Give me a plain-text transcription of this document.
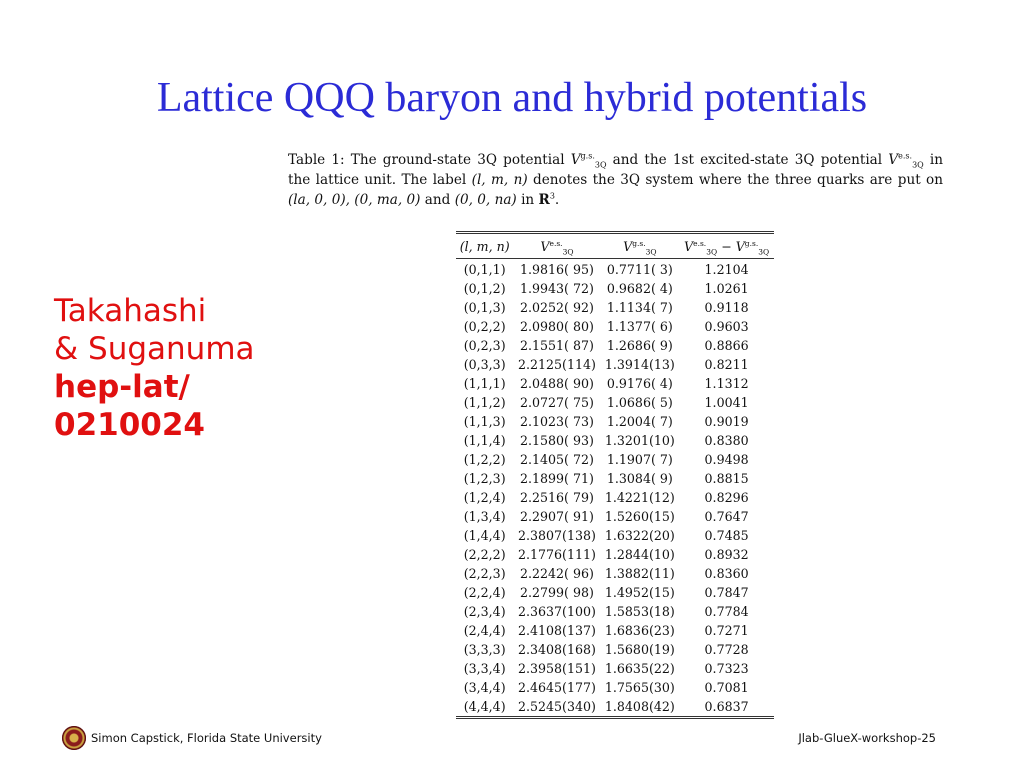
Lattice QQQ baryon and hybrid potentials
Takahashi
& Suganuma
hep-lat/
0210024
Table 1: The ground-state 3Q potential $V^{g.s.}_{3Q}$ and the 1st excited-state 3Q potential $V^{e.s.}_{3Q}$ in the lattice unit. The label (l, m, n) denotes the 3Q system where the three quarks are put on (la, 0, 0), (0, ma, 0) and (0, 0, na) in $R^3$.
(l, m, n)	$V^{e.s.}_{3Q}$	$V^{g.s.}_{3Q}$	$V^{e.s.}_{3Q} - V^{g.s.}_{3Q}$
(0,1,1)	1.9816( 95)	0.7711( 3)	1.2104
(0,1,2)	1.9943( 72)	0.9682( 4)	1.0261
(0,1,3)	2.0252( 92)	1.1134( 7)	0.9118
(0,2,2)	2.0980( 80)	1.1377( 6)	0.9603
(0,2,3)	2.1551( 87)	1.2686( 9)	0.8866
(0,3,3)	2.2125(114)	1.3914(13)	0.8211
(1,1,1)	2.0488( 90)	0.9176( 4)	1.1312
(1,1,2)	2.0727( 75)	1.0686( 5)	1.0041
(1,1,3)	2.1023( 73)	1.2004( 7)	0.9019
(1,1,4)	2.1580( 93)	1.3201(10)	0.8380
(1,2,2)	2.1405( 72)	1.1907( 7)	0.9498
(1,2,3)	2.1899( 71)	1.3084( 9)	0.8815
(1,2,4)	2.2516( 79)	1.4221(12)	0.8296
(1,3,4)	2.2907( 91)	1.5260(15)	0.7647
(1,4,4)	2.3807(138)	1.6322(20)	0.7485
(2,2,2)	2.1776(111)	1.2844(10)	0.8932
(2,2,3)	2.2242( 96)	1.3882(11)	0.8360
(2,2,4)	2.2799( 98)	1.4952(15)	0.7847
(2,3,4)	2.3637(100)	1.5853(18)	0.7784
(2,4,4)	2.4108(137)	1.6836(23)	0.7271
(3,3,3)	2.3408(168)	1.5680(19)	0.7728
(3,3,4)	2.3958(151)	1.6635(22)	0.7323
(3,4,4)	2.4645(177)	1.7565(30)	0.7081
(4,4,4)	2.5245(340)	1.8408(42)	0.6837
Simon Capstick, Florida State University	Jlab-GlueX-workshop-25
